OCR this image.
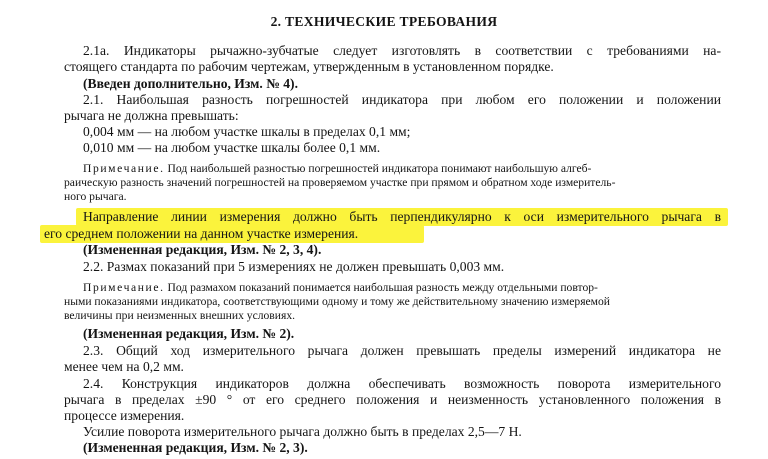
2. ТЕХНИЧЕСКИЕ ТРЕБОВАНИЯ
2.1а. Индикаторы рычажно-зубчатые следует изготовлять в соответствии с требованиями на-
стоящего стандарта по рабочим чертежам, утвержденным в установленном порядке.
(Введен дополнительно, Изм. № 4).
2.1. Наибольшая разность погрешностей индикатора при любом его положении и положении
рычага не должна превышать:
0,004 мм — на любом участке шкалы в пределах 0,1 мм;
0,010 мм — на любом участке шкалы более 0,1 мм.
Примечание. Под наибольшей разностью погрешностей индикатора понимают наибольшую алгеб-
раическую разность значений погрешностей на проверяемом участке при прямом и обратном ходе измеритель-
ного рычага.
Направление линии измерения должно быть перпендикулярно к оси измерительного рычага в
его среднем положении на данном участке измерения.
(Измененная редакция, Изм. № 2, 3, 4).
2.2. Размах показаний при 5 измерениях не должен превышать 0,003 мм.
Примечание. Под размахом показаний понимается наибольшая разность между отдельными повтор-
ными показаниями индикатора, соответствующими одному и тому же действительному значению измеряемой
величины при неизменных внешних условиях.
(Измененная редакция, Изм. № 2).
2.3. Общий ход измерительного рычага должен превышать пределы измерений индикатора не
менее чем на 0,2 мм.
2.4. Конструкция индикаторов должна обеспечивать возможность поворота измерительного
рычага в пределах ±90 ° от его среднего положения и неизменность установленного положения в
процессе измерения.
Усилие поворота измерительного рычага должно быть в пределах 2,5—7 Н.
(Измененная редакция, Изм. № 2, 3).
